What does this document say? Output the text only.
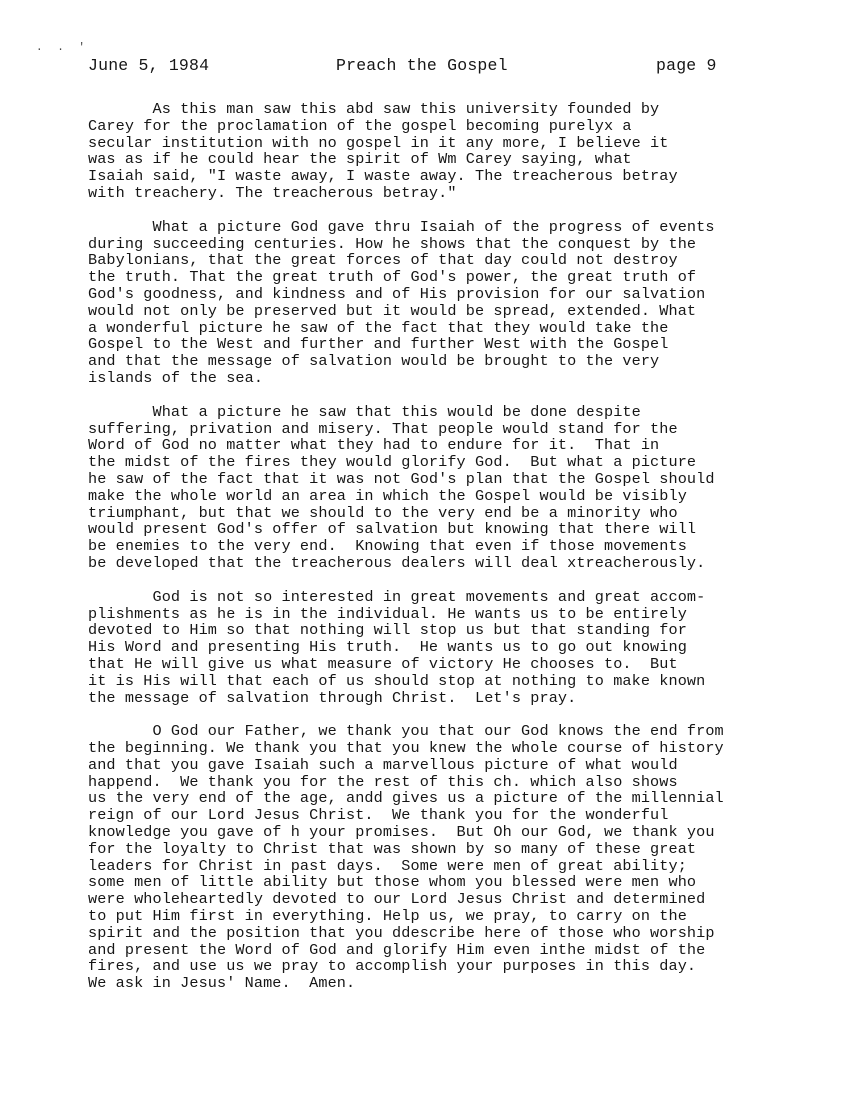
. . '
June 5, 1984	Preach the Gospel	page 9
As this man saw this abd saw this university founded by
Carey for the proclamation of the gospel becoming purelyx a
secular institution with no gospel in it any more, I believe it
was as if he could hear the spirit of Wm Carey saying, what
Isaiah said, "I waste away, I waste away. The treacherous betray
with treachery. The treacherous betray."
What a picture God gave thru Isaiah of the progress of events
during succeeding centuries. How he shows that the conquest by the
Babylonians, that the great forces of that day could not destroy
the truth. That the great truth of God's power, the great truth of
God's goodness, and kindness and of His provision for our salvation
would not only be preserved but it would be spread, extended. What
a wonderful picture he saw of the fact that they would take the
Gospel to the West and further and further West with the Gospel
and that the message of salvation would be brought to the very
islands of the sea.
What a picture he saw that this would be done despite
suffering, privation and misery. That people would stand for the
Word of God no matter what they had to endure for it.  That in
the midst of the fires they would glorify God.  But what a picture
he saw of the fact that it was not God's plan that the Gospel should
make the whole world an area in which the Gospel would be visibly
triumphant, but that we should to the very end be a minority who
would present God's offer of salvation but knowing that there will
be enemies to the very end.  Knowing that even if those movements
be developed that the treacherous dealers will deal xtreacherously.
God is not so interested in great movements and great accom-
plishments as he is in the individual. He wants us to be entirely
devoted to Him so that nothing will stop us but that standing for
His Word and presenting His truth.  He wants us to go out knowing
that He will give us what measure of victory He chooses to.  But
it is His will that each of us should stop at nothing to make known
the message of salvation through Christ.  Let's pray.
O God our Father, we thank you that our God knows the end from
the beginning. We thank you that you knew the whole course of history
and that you gave Isaiah such a marvellous picture of what would
happend.  We thank you for the rest of this ch. which also shows
us the very end of the age, andd gives us a picture of the millennial
reign of our Lord Jesus Christ.  We thank you for the wonderful
knowledge you gave of h your promises.  But Oh our God, we thank you
for the loyalty to Christ that was shown by so many of these great
leaders for Christ in past days.  Some were men of great ability;
some men of little ability but those whom you blessed were men who
were wholeheartedly devoted to our Lord Jesus Christ and determined
to put Him first in everything. Help us, we pray, to carry on the
spirit and the position that you ddescribe here of those who worship
and present the Word of God and glorify Him even inthe midst of the
fires, and use us we pray to accomplish your purposes in this day.
We ask in Jesus' Name.  Amen.
